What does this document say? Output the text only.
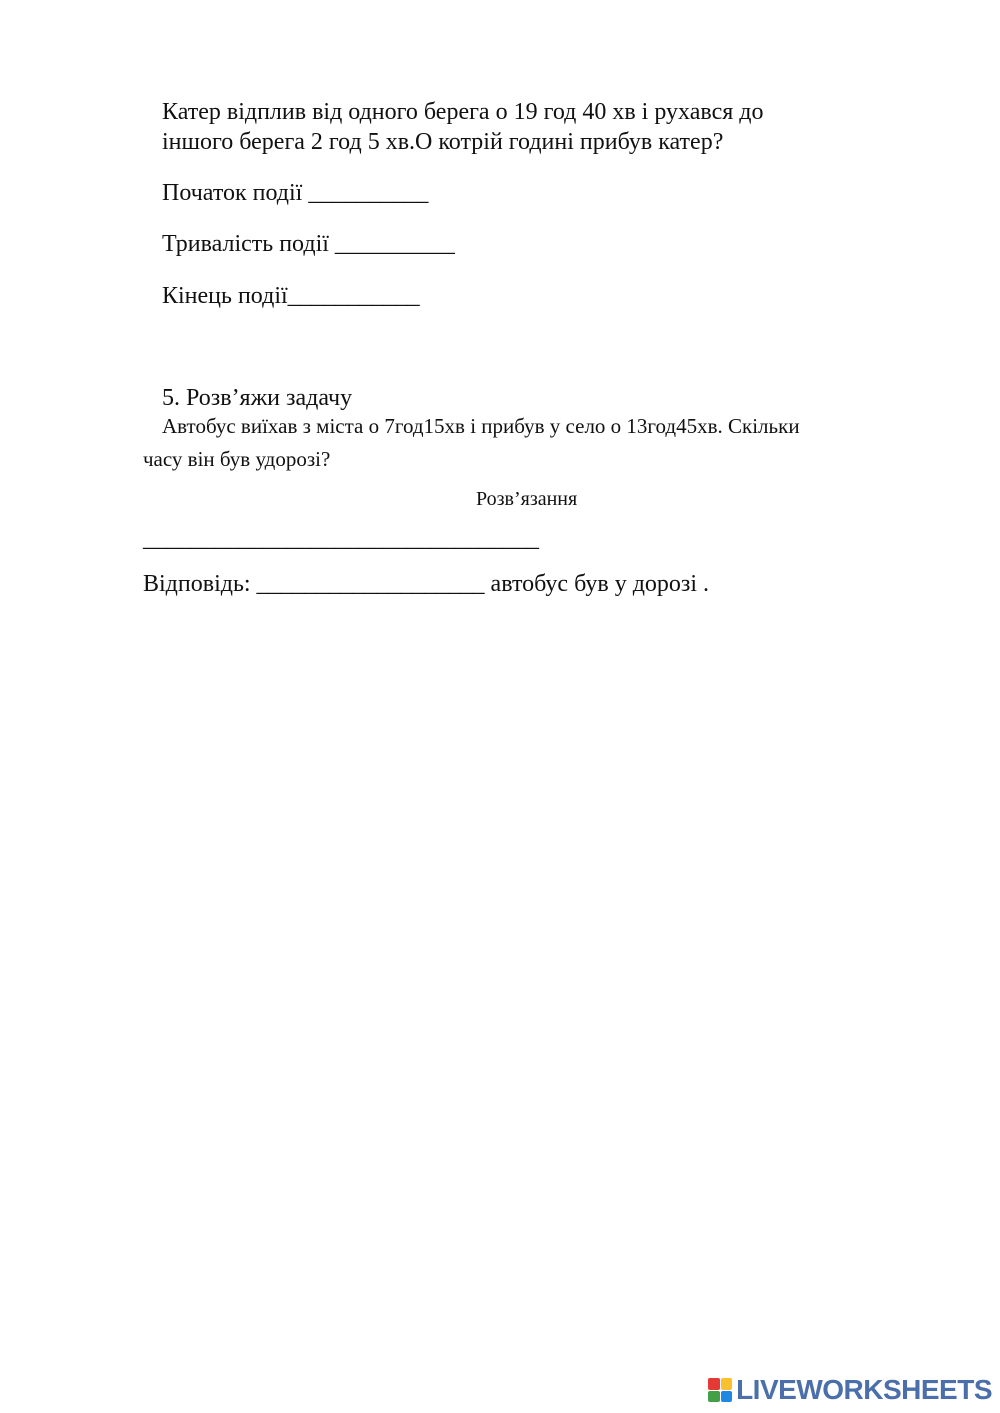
Катер відплив від одного берега о 19 год 40 хв і рухався до
іншого берега 2 год 5 хв.О котрій годині прибув катер?
Початок події __________
Тривалість події __________
Кінець події___________
5. Розв’яжи задачу
Автобус виїхав з міста о 7год15хв і прибув у село о 13год45хв. Скільки
часу він був удорозі?
Розв’язання
_________________________________
Відповідь: ___________________ автобус був у дорозі .
LIVEWORKSHEETS
